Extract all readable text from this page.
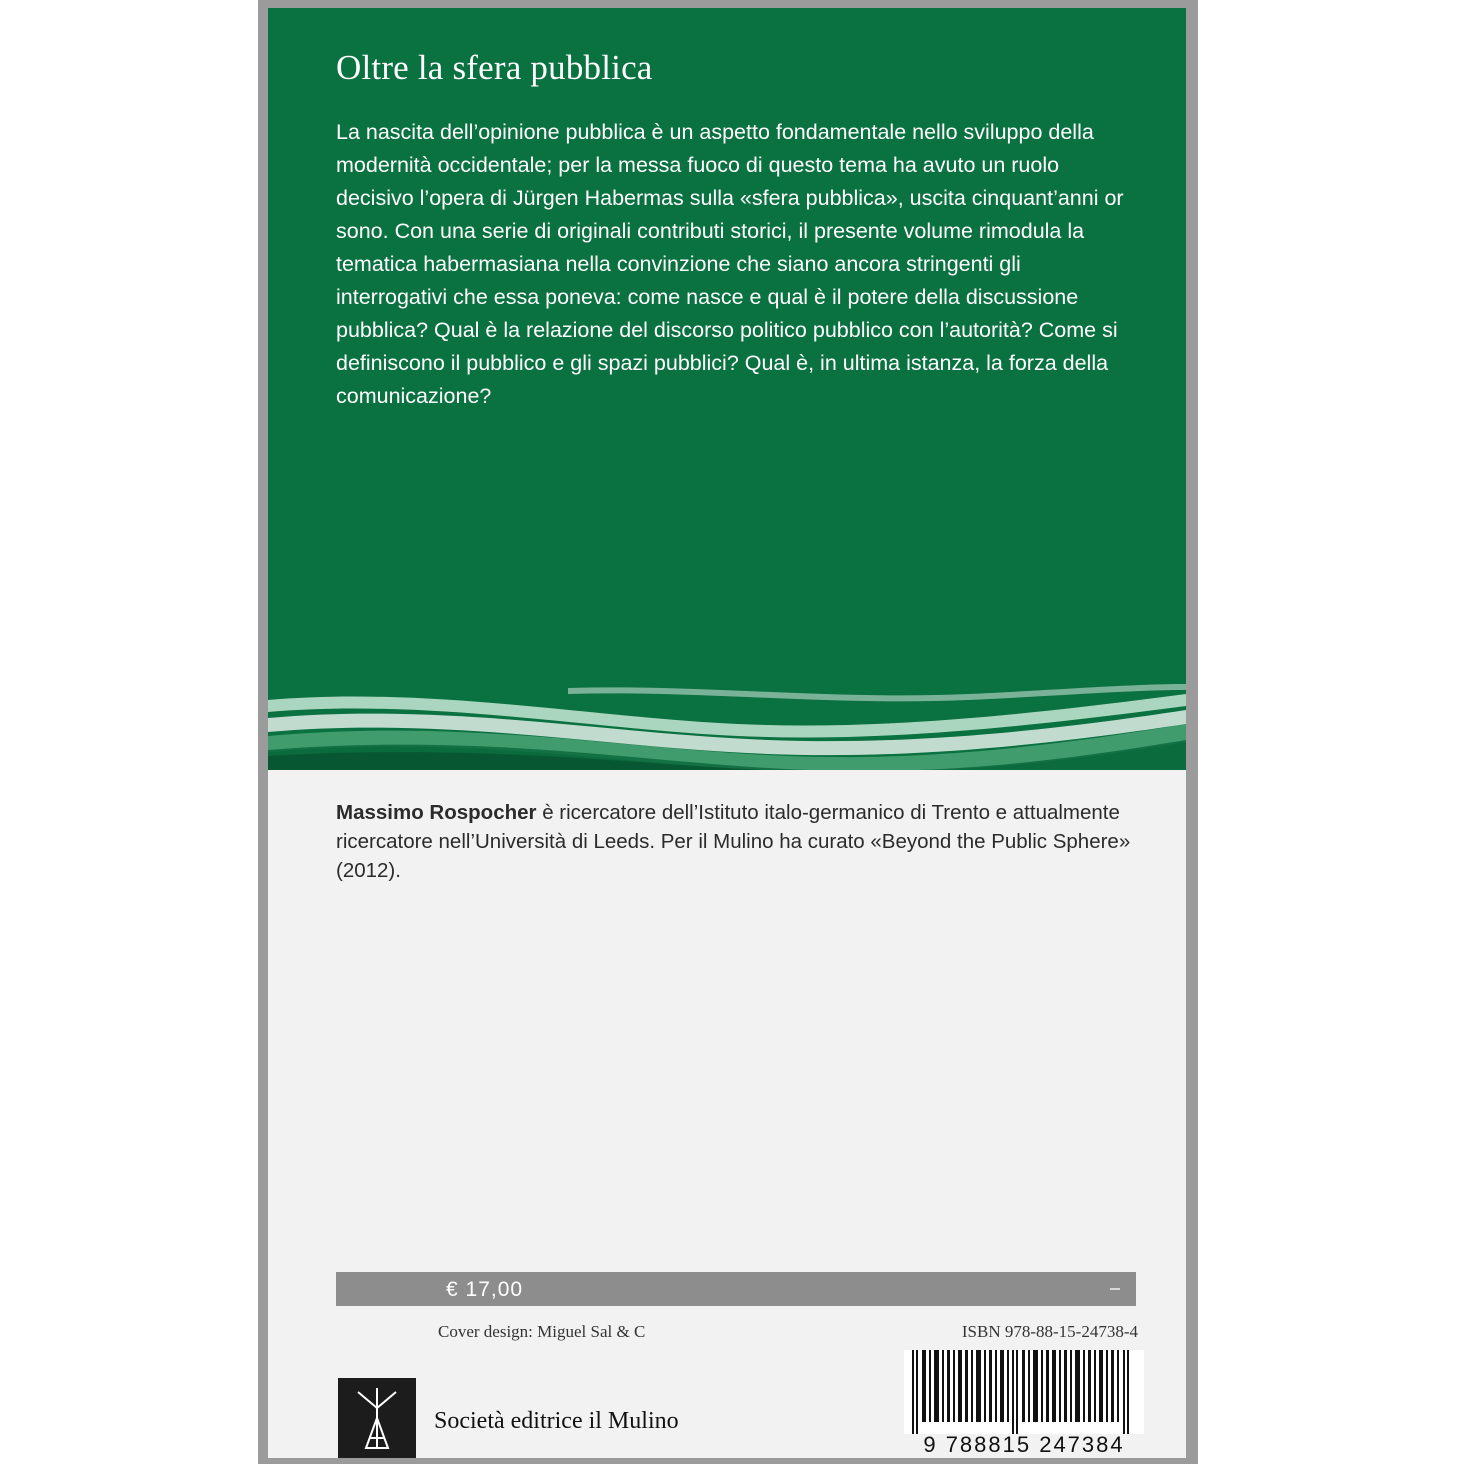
Oltre la sfera pubblica
La nascita dell’opinione pubblica è un aspetto fondamentale nello sviluppo della modernità occidentale; per la messa fuoco di questo tema ha avuto un ruolo decisivo l’opera di Jürgen Habermas sulla «sfera pubblica», uscita cinquant’anni or sono. Con una serie di originali contributi storici, il presente volume rimodula la tematica habermasiana nella convinzione che siano ancora stringenti gli interrogativi che essa poneva: come nasce e qual è il potere della discussione pubblica? Qual è la relazione del discorso politico pubblico con l’autorità? Come si definiscono il pubblico e gli spazi pubblici? Qual è, in ultima istanza, la forza della comunicazione?
Massimo Rospocher è ricercatore dell’Istituto italo-germanico di Trento e attualmente ricercatore nell’Università di Leeds. Per il Mulino ha curato «Beyond the Public Sphere» (2012).
€ 17,00
Cover design: Miguel Sal & C	ISBN 978-88-15-24738-4
9 788815 247384
Società editrice il Mulino
